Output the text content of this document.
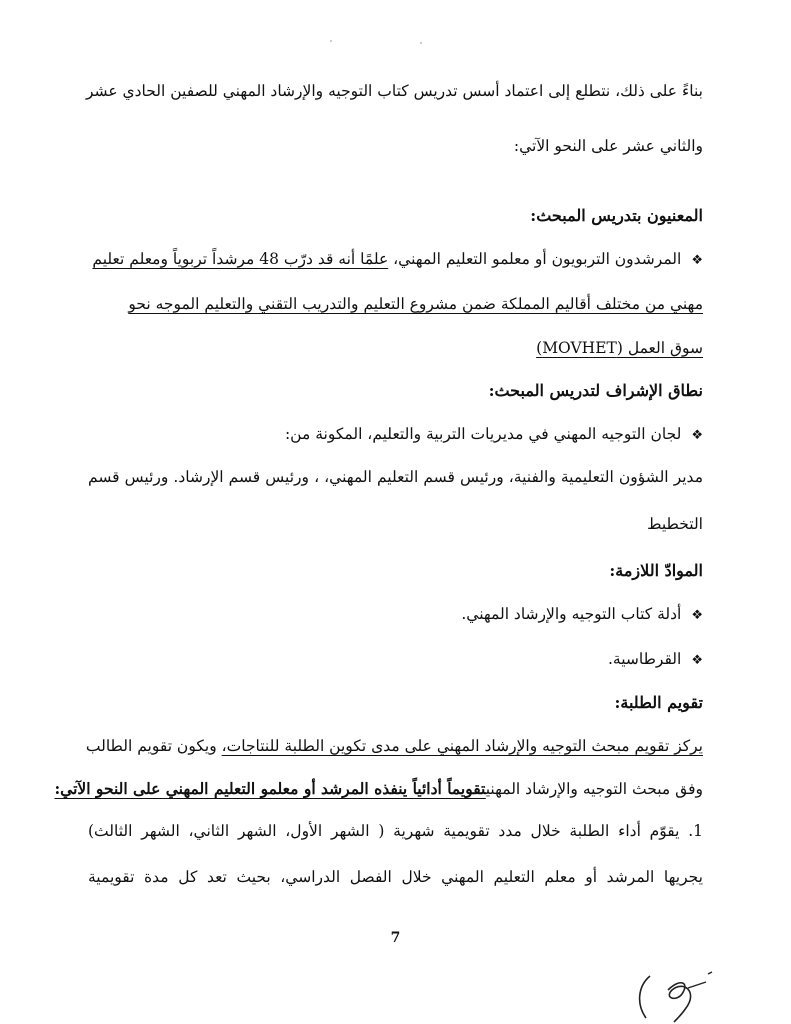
بناءً على ذلك، نتطلع إلى اعتماد أسس تدريس كتاب التوجيه والإرشاد المهني للصفين الحادي عشر
والثاني عشر على النحو الآتي:
المعنيون بتدريس المبحث:
❖المرشدون التربويون أو معلمو التعليم المهني، علمًا أنه قد درّب 48 مرشداً تربوياً ومعلم تعليم
مهني من مختلف أقاليم المملكة ضمن مشروع التعليم والتدريب التقني والتعليم الموجه نحو
سوق العمل (MOVHET)
نطاق الإشراف لتدريس المبحث:
❖لجان التوجيه المهني في مديريات التربية والتعليم، المكونة من:
مدير الشؤون التعليمية والفنية، ورئيس قسم التعليم المهني، ، ورئيس قسم الإرشاد. ورئيس قسم
التخطيط
الموادّ اللازمة:
❖أدلة كتاب التوجيه والإرشاد المهني.
❖القرطاسية.
تقويم الطلبة:
يركز تقويم مبحث التوجيه والإرشاد المهني على مدى تكوين الطلبة للنتاجات، ويكون تقويم الطالب
وفق مبحث التوجيه والإرشاد المهنيتقويماً أدائياً ينفذه المرشد أو معلمو التعليم المهني على النحو الآتي:
1. يقوّم أداء الطلبة خلال مدد تقويمية شهرية ( الشهر الأول، الشهر الثاني، الشهر الثالث)
يجريها المرشد أو معلم التعليم المهني خلال الفصل الدراسي، بحيث تعد كل مدة تقويمية
7
